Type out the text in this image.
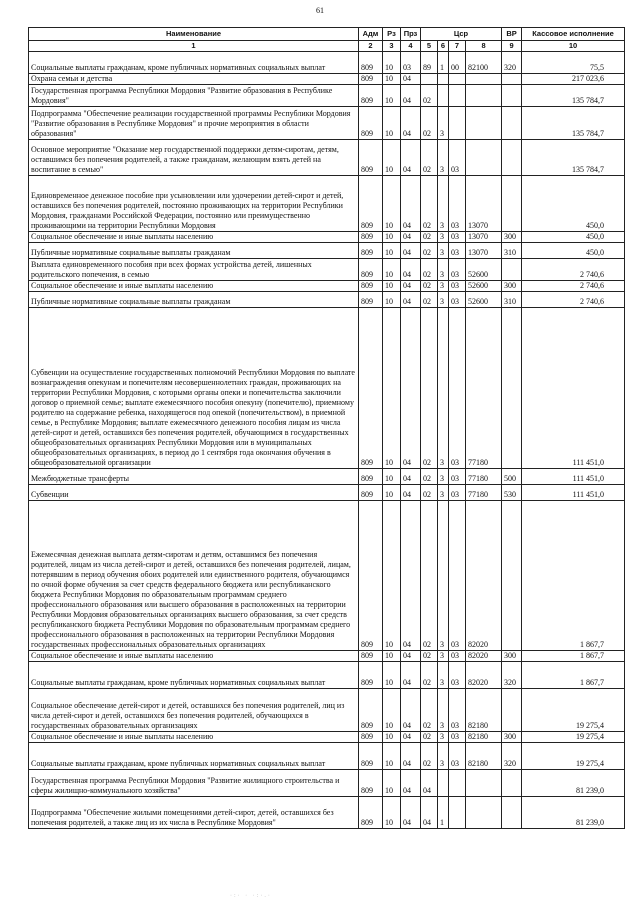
61
Наименование	Адм	Рз	Прз	Цср				ВР	Кассовое исполнение
1	2	3	4	5	6	7	8	9	10
Социальные выплаты гражданам, кроме публичных нормативных социальных выплат	809	10	03	89	1	00	82100	320	75,5
Охрана семьи и детства	809	10	04						217 023,6
Государственная программа Республики Мордовия "Развитие образования в Республике Мордовия"	809	10	04	02					135 784,7
Подпрограмма "Обеспечение реализации государственной программы Республики Мордовия "Развитие образования в Республике Мордовия" и прочие мероприятия в области образования"	809	10	04	02	3				135 784,7
Основное мероприятие "Оказание мер государственной поддержки детям-сиротам, детям, оставшимся без попечения родителей, а также гражданам, желающим взять детей на воспитание в семью"	809	10	04	02	3	03			135 784,7
Единовременное денежное пособие при усыновлении или удочерении детей-сирот и детей, оставшихся без попечения родителей, постоянно проживающих на территории Республики Мордовия, гражданами Российской Федерации, постоянно или преимущественно проживающими на территории Республики Мордовия	809	10	04	02	3	03	13070		450,0
Социальное обеспечение и иные выплаты населению	809	10	04	02	3	03	13070	300	450,0
Публичные нормативные социальные выплаты гражданам	809	10	04	02	3	03	13070	310	450,0
Выплата единовременного пособия при всех формах устройства детей, лишенных родительского попечения, в семью	809	10	04	02	3	03	52600		2 740,6
Социальное обеспечение и иные выплаты населению	809	10	04	02	3	03	52600	300	2 740,6
Публичные нормативные социальные выплаты гражданам	809	10	04	02	3	03	52600	310	2 740,6
Субвенции на осуществление государственных полномочий Республики Мордовия по выплате вознаграждения опекунам и попечителям несовершеннолетних граждан, проживающих на территории Республики Мордовия, с которыми органы опеки и попечительства заключили договор о приемной семье; выплате ежемесячного пособия опекуну (попечителю), приемному родителю на содержание ребенка, находящегося под опекой (попечительством), в приемной семье, в Республике Мордовия; выплате ежемесячного денежного пособия лицам из числа детей-сирот и детей, оставшихся без попечения родителей, обучающимся в государственных общеобразовательных организациях Республики Мордовия или в муниципальных общеобразовательных организациях, в период до 1 сентября года окончания обучения в общеобразовательной организации	809	10	04	02	3	03	77180		111 451,0
Межбюджетные трансферты	809	10	04	02	3	03	77180	500	111 451,0
Субвенции	809	10	04	02	3	03	77180	530	111 451,0
Ежемесячная денежная выплата детям-сиротам и детям, оставшимся без попечения родителей, лицам из числа детей-сирот и детей, оставшихся без попечения родителей, лицам, потерявшим в период обучения обоих родителей или единственного родителя, обучающимся по очной форме обучения за счет средств федерального бюджета или республиканского бюджета Республики Мордовия по образовательным программам среднего профессионального образования или высшего образования в расположенных на территории Республики Мордовия образовательных организациях высшего образования, за счет средств республиканского бюджета Республики Мордовия по образовательным программам среднего профессионального образования в расположенных на территории Республики Мордовия государственных профессиональных образовательных организациях	809	10	04	02	3	03	82020		1 867,7
Социальное обеспечение и иные выплаты населению	809	10	04	02	3	03	82020	300	1 867,7
Социальные выплаты гражданам, кроме публичных нормативных социальных выплат	809	10	04	02	3	03	82020	320	1 867,7
Социальное обеспечение детей-сирот и детей, оставшихся без попечения родителей, лиц из числа детей-сирот и детей, оставшихся без попечения родителей, обучающихся в государственных образовательных организациях	809	10	04	02	3	03	82180		19 275,4
Социальное обеспечение и иные выплаты населению	809	10	04	02	3	03	82180	300	19 275,4
Социальные выплаты гражданам, кроме публичных нормативных социальных выплат	809	10	04	02	3	03	82180	320	19 275,4
Государственная программа Республики Мордовия "Развитие жилищного строительства и сферы жилищно-коммунального хозяйства"	809	10	04	04					81 239,0
Подпрограмма "Обеспечение жилыми помещениями детей-сирот, детей, оставшихся без попечения родителей, а также лиц из их числа в Республике Мордовия"	809	10	04	04	1				81 239,0
·:· · ·:·.·
